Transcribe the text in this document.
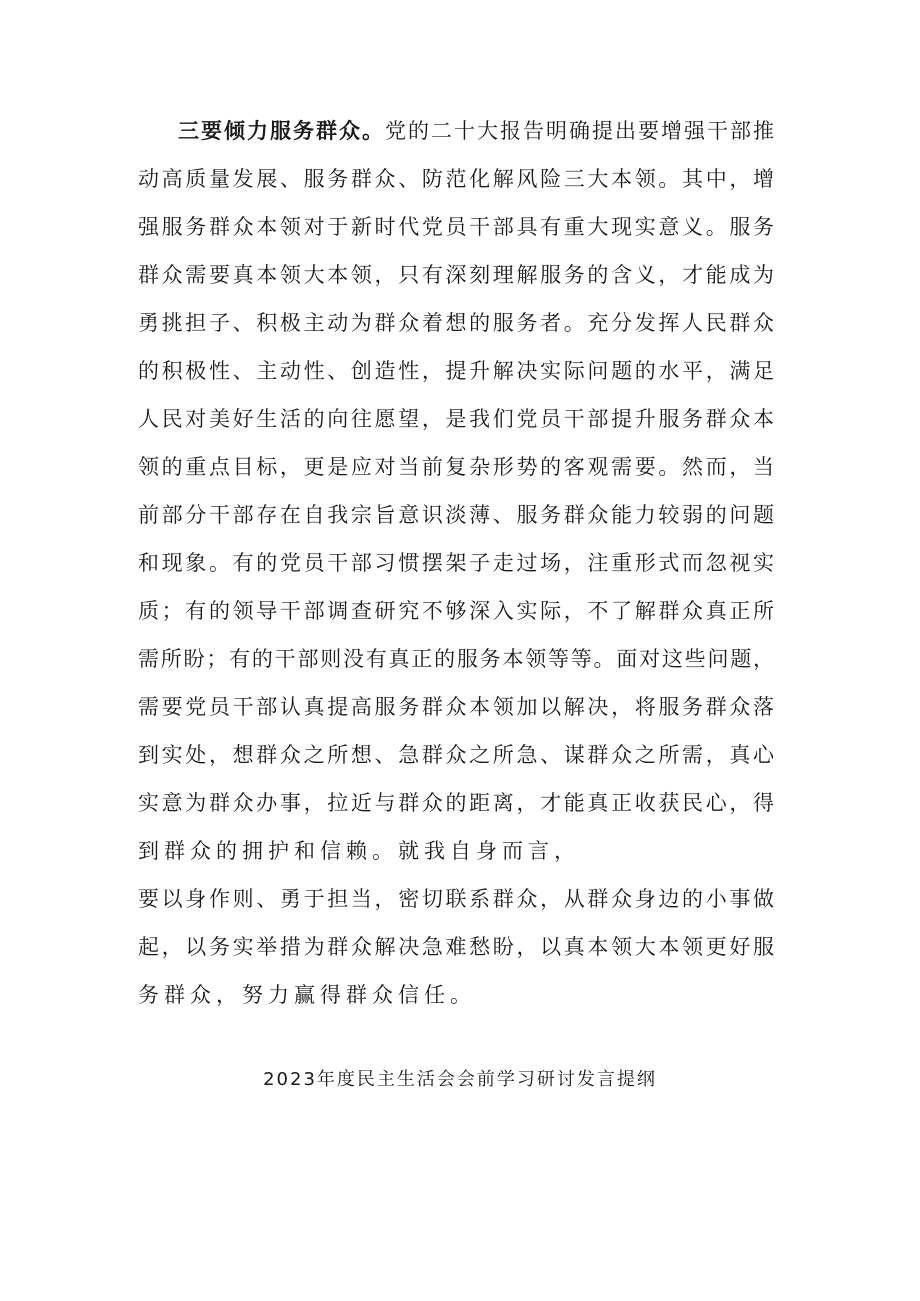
三要倾力服务群众。党的二十大报告明确提出要增强干部推
动高质量发展、服务群众、防范化解风险三大本领。其中，增
强服务群众本领对于新时代党员干部具有重大现实意义。服务
群众需要真本领大本领，只有深刻理解服务的含义，才能成为
勇挑担子、积极主动为群众着想的服务者。充分发挥人民群众
的积极性、主动性、创造性，提升解决实际问题的水平，满足
人民对美好生活的向往愿望，是我们党员干部提升服务群众本
领的重点目标，更是应对当前复杂形势的客观需要。然而，当
前部分干部存在自我宗旨意识淡薄、服务群众能力较弱的问题
和现象。有的党员干部习惯摆架子走过场，注重形式而忽视实
质；有的领导干部调查研究不够深入实际，不了解群众真正所
需所盼；有的干部则没有真正的服务本领等等。面对这些问题，
需要党员干部认真提高服务群众本领加以解决，将服务群众落
到实处，想群众之所想、急群众之所急、谋群众之所需，真心
实意为群众办事，拉近与群众的距离，才能真正收获民心，得
到群众的拥护和信赖。就我自身而言，
要以身作则、勇于担当，密切联系群众，从群众身边的小事做
起，以务实举措为群众解决急难愁盼，以真本领大本领更好服
务群众，努力赢得群众信任。
2023年度民主生活会会前学习研讨发言提纲
